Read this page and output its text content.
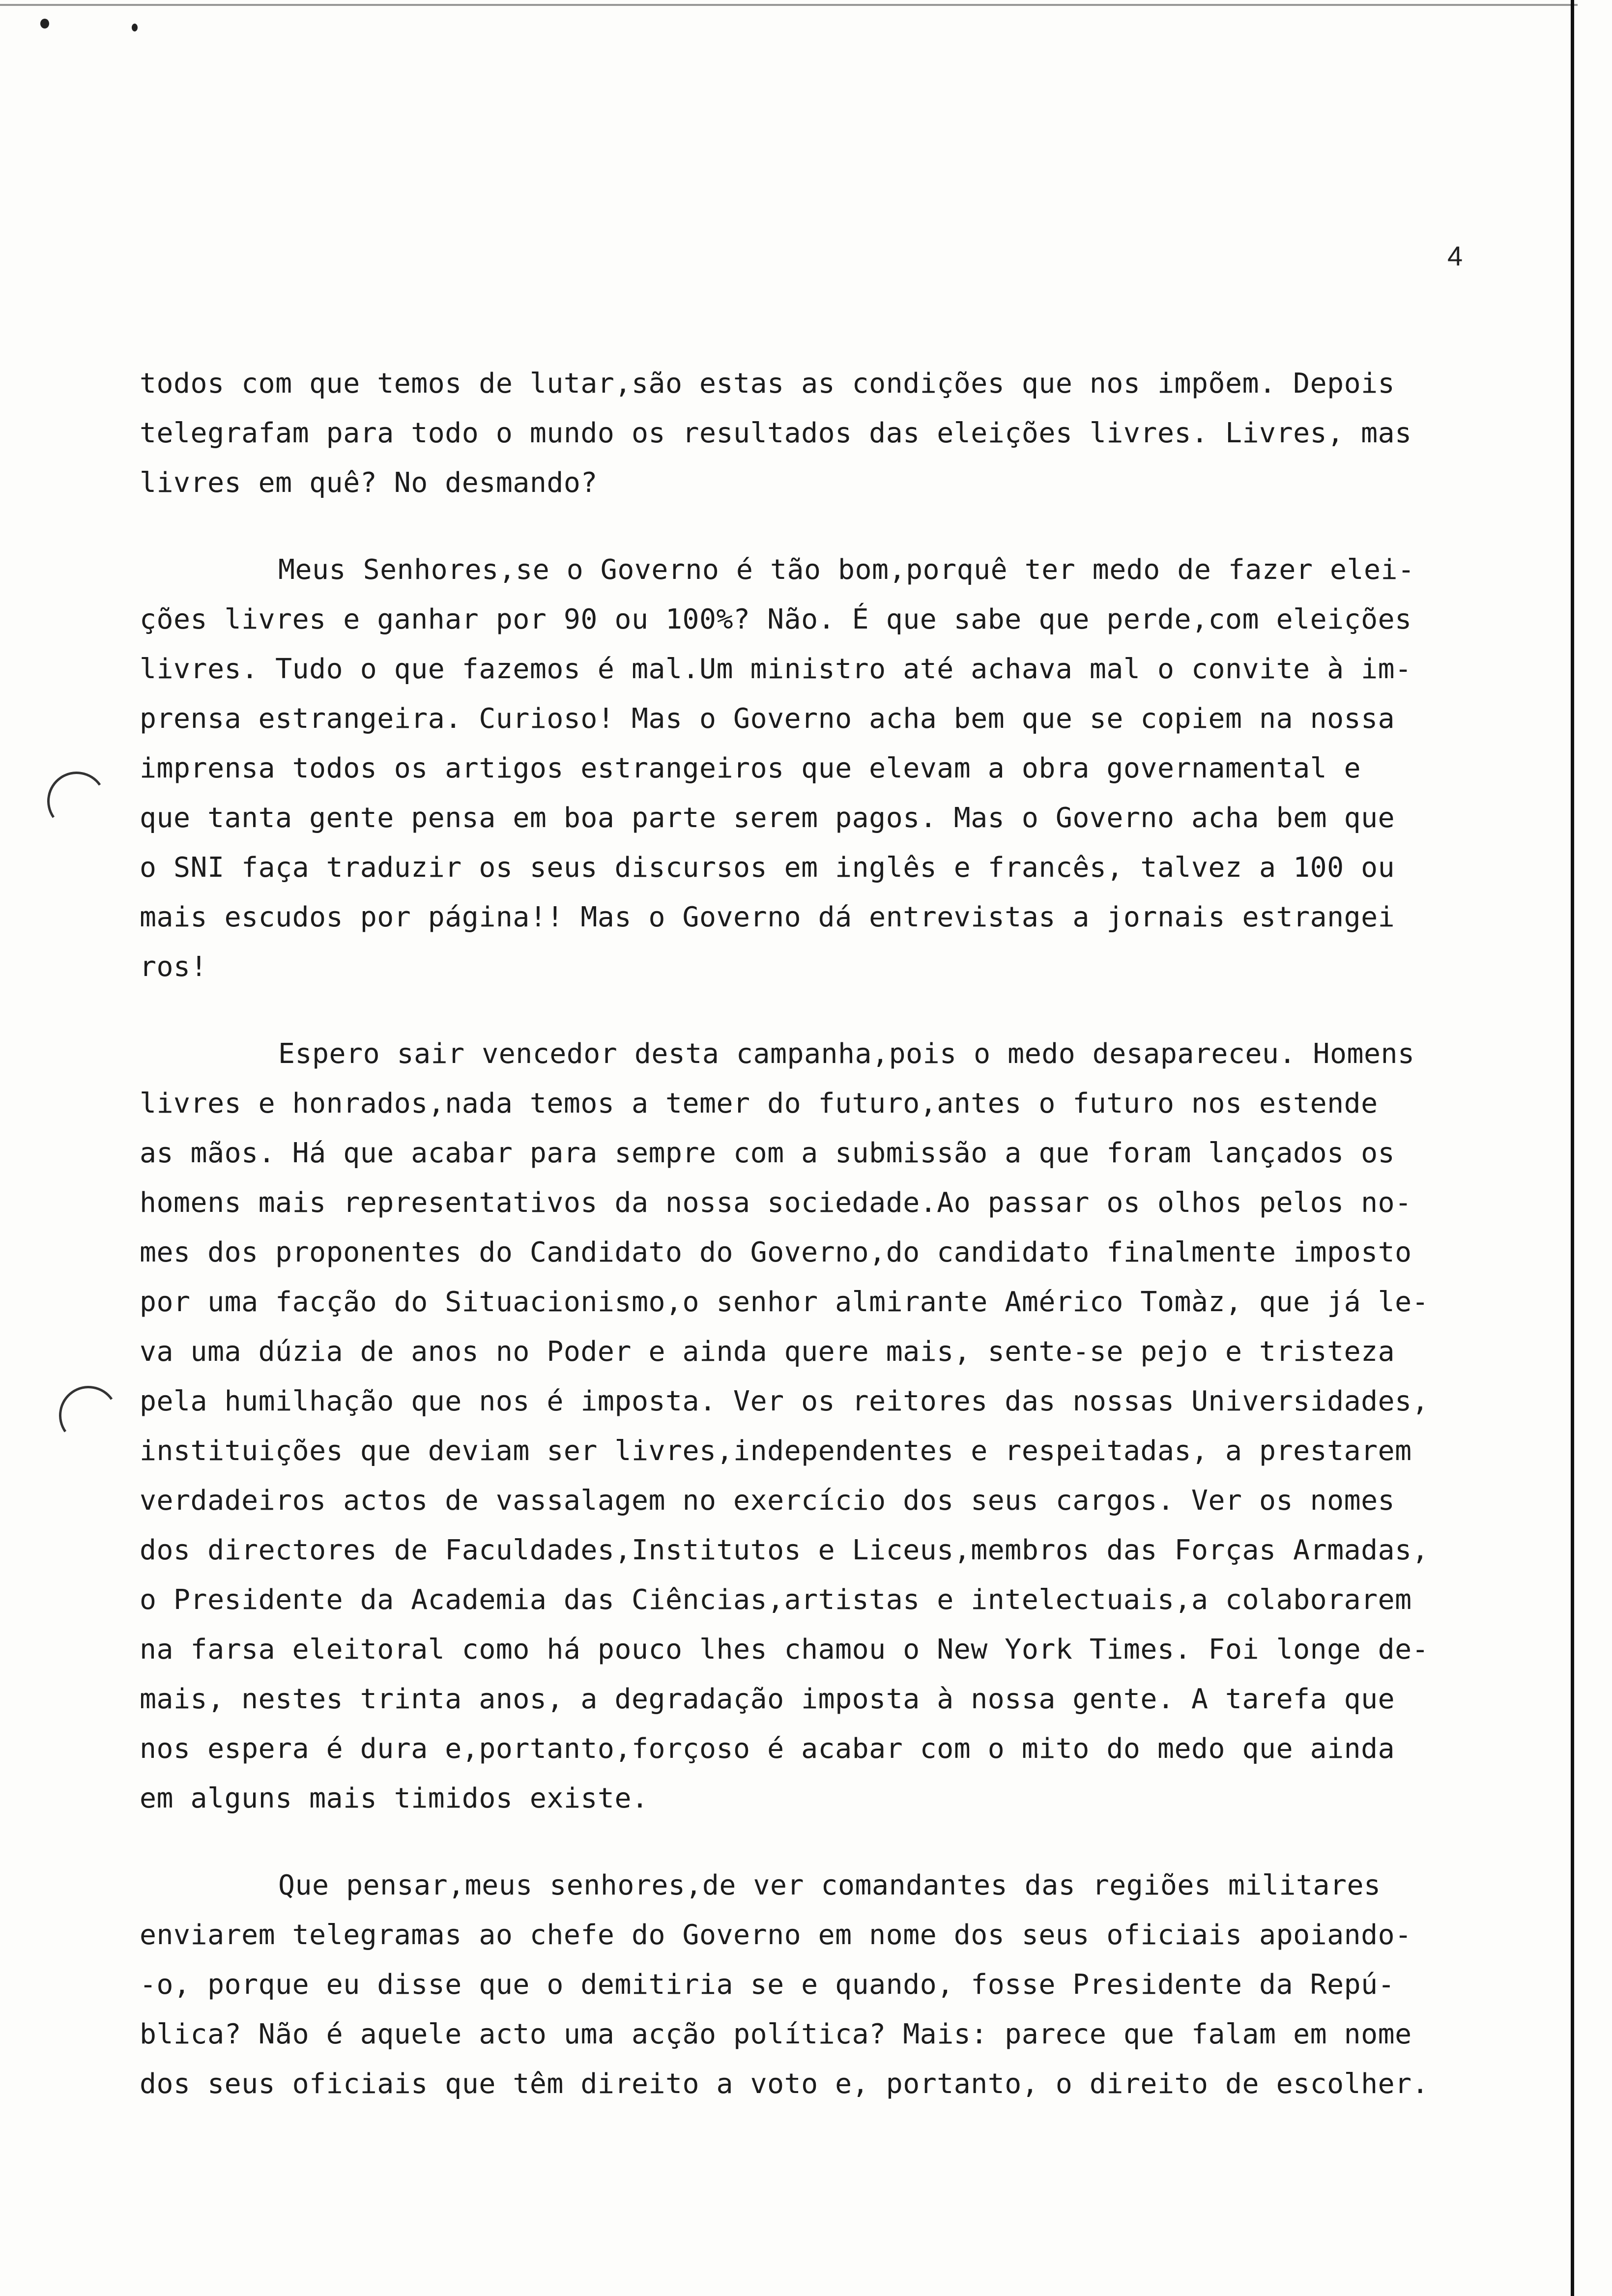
4
todos com que temos de lutar,são estas as condições que nos impõem. Depois
telegrafam para todo o mundo os resultados das eleições livres. Livres, mas
livres em quê? No desmando?
Meus Senhores,se o Governo é tão bom,porquê ter medo de fazer elei-
ções livres e ganhar por 90 ou 100%? Não. É que sabe que perde,com eleições
livres. Tudo o que fazemos é mal.Um ministro até achava mal o convite à im-
prensa estrangeira. Curioso! Mas o Governo acha bem que se copiem na nossa
imprensa todos os artigos estrangeiros que elevam a obra governamental e
que tanta gente pensa em boa parte serem pagos. Mas o Governo acha bem que
o SNI faça traduzir os seus discursos em inglês e francês, talvez a 100 ou
mais escudos por página!! Mas o Governo dá entrevistas a jornais estrangei
ros!
Espero sair vencedor desta campanha,pois o medo desapareceu. Homens
livres e honrados,nada temos a temer do futuro,antes o futuro nos estende
as mãos. Há que acabar para sempre com a submissão a que foram lançados os
homens mais representativos da nossa sociedade.Ao passar os olhos pelos no-
mes dos proponentes do Candidato do Governo,do candidato finalmente imposto
por uma facção do Situacionismo,o senhor almirante Américo Tomàz, que já le-
va uma dúzia de anos no Poder e ainda quere mais, sente-se pejo e tristeza
pela humilhação que nos é imposta. Ver os reitores das nossas Universidades,
instituições que deviam ser livres,independentes e respeitadas, a prestarem
verdadeiros actos de vassalagem no exercício dos seus cargos. Ver os nomes
dos directores de Faculdades,Institutos e Liceus,membros das Forças Armadas,
o Presidente da Academia das Ciências,artistas e intelectuais,a colaborarem
na farsa eleitoral como há pouco lhes chamou o New York Times. Foi longe de-
mais, nestes trinta anos, a degradação imposta à nossa gente. A tarefa que
nos espera é dura e,portanto,forçoso é acabar com o mito do medo que ainda
em alguns mais timidos existe.
Que pensar,meus senhores,de ver comandantes das regiões militares
enviarem telegramas ao chefe do Governo em nome dos seus oficiais apoiando-
-o, porque eu disse que o demitiria se e quando, fosse Presidente da Repú-
blica? Não é aquele acto uma acção política? Mais: parece que falam em nome
dos seus oficiais que têm direito a voto e, portanto, o direito de escolher.
